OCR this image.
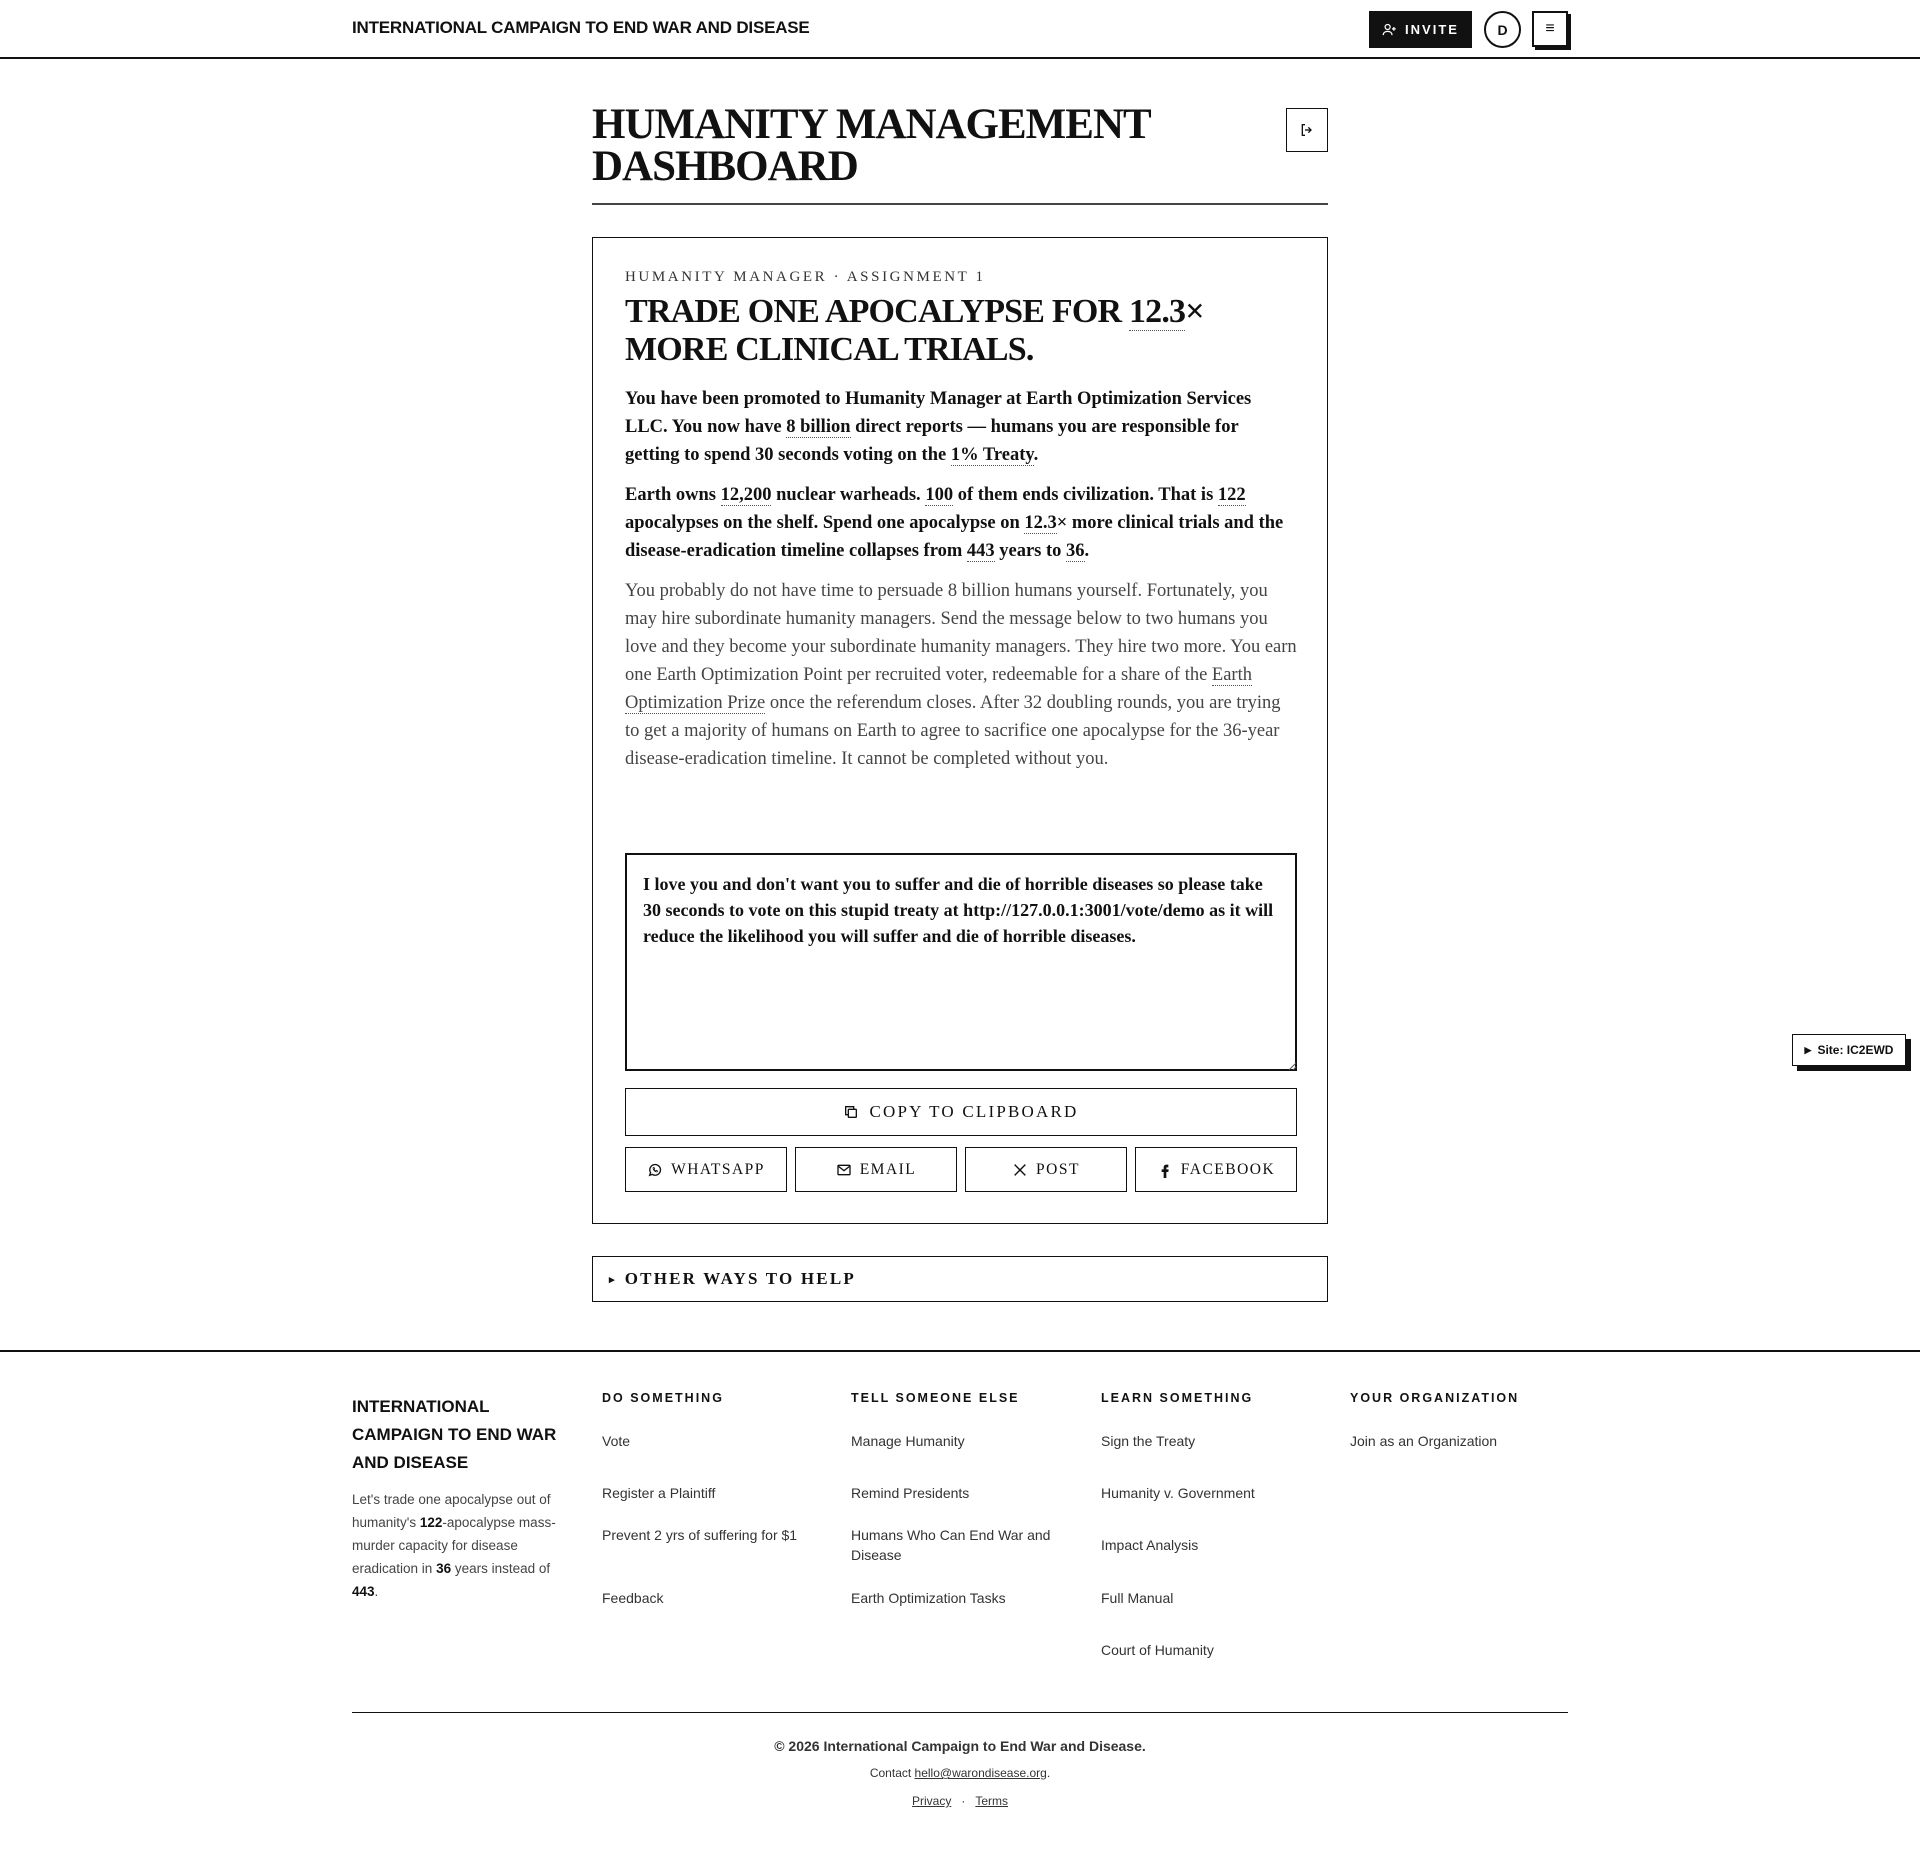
INTERNATIONAL CAMPAIGN TO END WAR AND DISEASE	INVITE	D	≡
HUMANITY MANAGEMENT
DASHBOARD
HUMANITY MANAGER · ASSIGNMENT 1
TRADE ONE APOCALYPSE FOR 12.3× MORE CLINICAL TRIALS.

You have been promoted to Humanity Manager at Earth Optimization Services LLC. You now have 8 billion direct reports — humans you are responsible for getting to spend 30 seconds voting on the 1% Treaty.

Earth owns 12,200 nuclear warheads. 100 of them ends civilization. That is 122 apocalypses on the shelf. Spend one apocalypse on 12.3× more clinical trials and the disease-eradication timeline collapses from 443 years to 36.

You probably do not have time to persuade 8 billion humans yourself. Fortunately, you may hire subordinate humanity managers. Send the message below to two humans you love and they become your subordinate humanity managers. They hire two more. You earn one Earth Optimization Point per recruited voter, redeemable for a share of the Earth Optimization Prize once the referendum closes. After 32 doubling rounds, you are trying to get a majority of humans on Earth to agree to sacrifice one apocalypse for the 36-year disease-eradication timeline. It cannot be completed without you.

I love you and don't want you to suffer and die of horrible diseases so please take 30 seconds to vote on this stupid treaty at http://127.0.0.1:3001/vote/demo as it will reduce the likelihood you will suffer and die of horrible diseases.
COPY TO CLIPBOARD
WHATSAPP	EMAIL	POST	FACEBOOK
▸ OTHER WAYS TO HELP
▶ Site: IC2EWD
INTERNATIONAL CAMPAIGN TO END WAR AND DISEASE
Let's trade one apocalypse out of humanity's 122-apocalypse mass-murder capacity for disease eradication in 36 years instead of 443.
DO SOMETHING
Vote
Register a Plaintiff
Prevent 2 yrs of suffering for $1
Feedback
TELL SOMEONE ELSE
Manage Humanity
Remind Presidents
Humans Who Can End War and Disease
Earth Optimization Tasks
LEARN SOMETHING
Sign the Treaty
Humanity v. Government
Impact Analysis
Full Manual
Court of Humanity
YOUR ORGANIZATION
Join as an Organization
© 2026 International Campaign to End War and Disease.
Contact hello@warondisease.org.
Privacy · Terms
